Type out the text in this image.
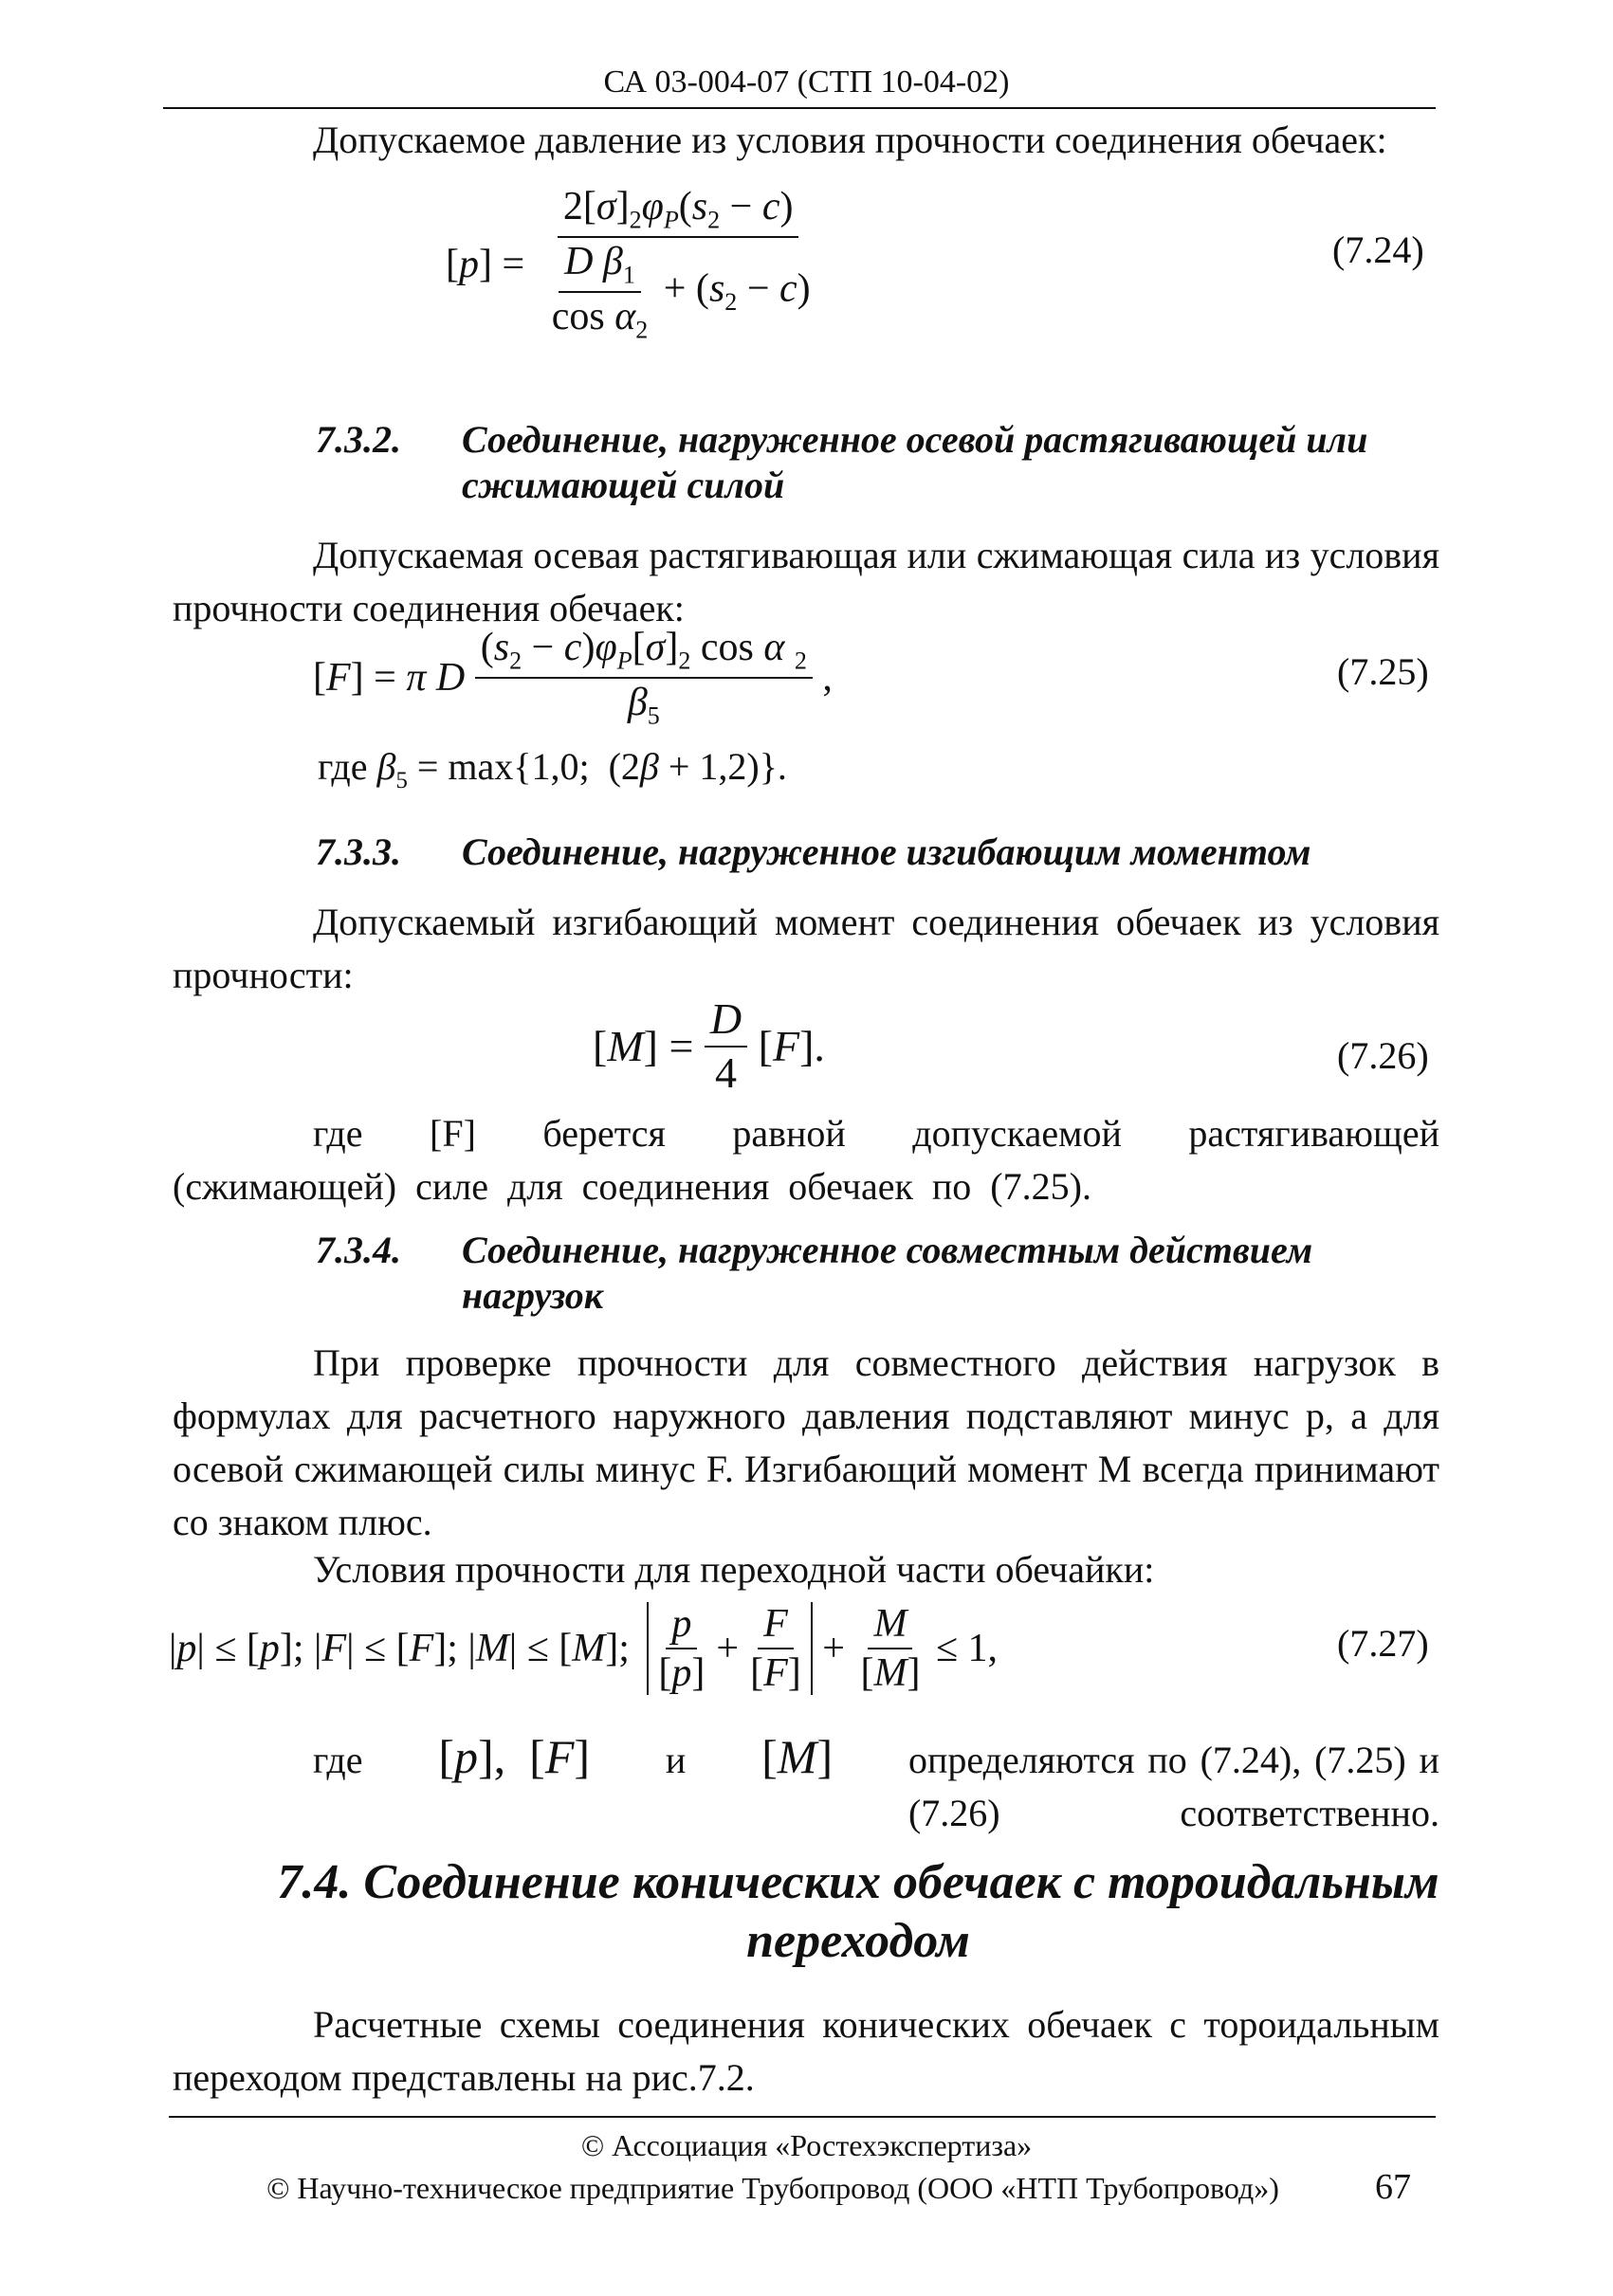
СА 03-004-07 (СТП 10-04-02)
Допускаемое давление из условия прочности соединения обечаек:
$[p] = \frac{2[\sigma]_2\varphi_P(s_2 - c)}{\frac{D \beta_1}{\cos \alpha_2} + (s_2 - c)}$	(7.24)
7.3.2. Соединение, нагруженное осевой растягивающей или сжимающей силой
Допускаемая осевая растягивающая или сжимающая сила из условия прочности соединения обечаек:
[F] = π D $\frac{(s_2 - c)\varphi_P[\sigma]_2 \cos \alpha _2}{\beta_5}$ ,	(7.25)
где $\beta_5 = \max\{1,0$;  (2β + 1,2)}.
7.3.3. Соединение, нагруженное изгибающим моментом
Допускаемый изгибающий момент соединения обечаек из условия прочности:
$[M] = \frac{D}{4} [F]$.	(7.26)
где [F] берется равной допускаемой растягивающей (сжимающей) силе для соединения обечаек по (7.25).
7.3.4. Соединение, нагруженное совместным действием нагрузок
При проверке прочности для совместного действия нагрузок в формулах для расчетного наружного давления подставляют минус p, а для осевой сжимающей силы минус F. Изгибающий момент M всегда принимают со знаком плюс.
Условия прочности для переходной части обечайки:
|p| ≤ [p]; |F| ≤ [F]; |M| ≤ [M]; $\frac{p}{[p]} + \frac{F}{[F]} + \frac{M}{[M]} \le 1$,	(7.27)
где [p],  [F] и [M] определяются по (7.24), (7.25) и (7.26) соответственно.
7.4. Соединение конических обечаек с тороидальным переходом
Расчетные схемы соединения конических обечаек с тороидальным переходом представлены на рис.7.2.
© Ассоциация «Ростехэкспертиза»
© Научно-техническое предприятие Трубопровод (ООО «НТП Трубопровод»)	67
